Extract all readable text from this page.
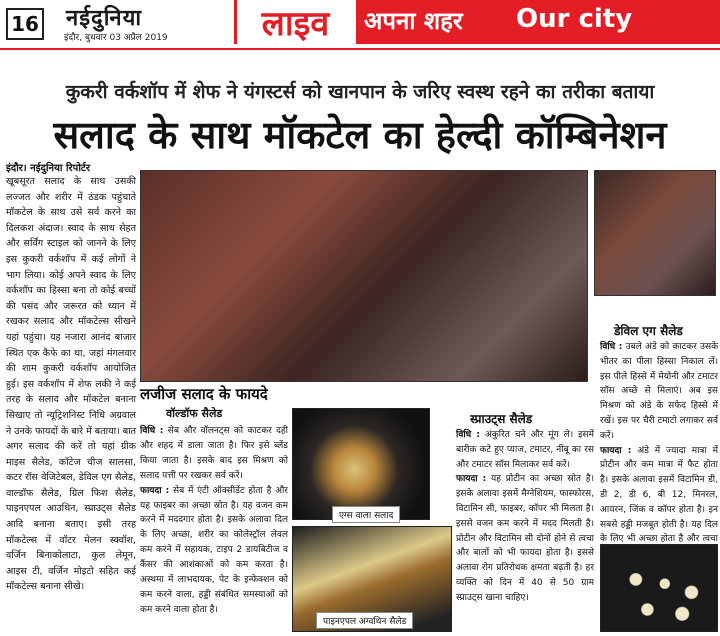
16 नईदुनिया
इंदौर, बुधवार 03 अप्रैल 2019	लाइव	अपना शहर Our city
कुकरी वर्कशॉप में शेफ ने यंगस्टर्स को खानपान के जरिए स्वस्थ रहने का तरीका बताया
सलाद के साथ मॉकटेल का हेल्दी कॉम्बिनेशन
इंदौर। नईदुनिया रिपोर्टर
खूबसूरत सलाद के साथ उसकी लज्जत और शरीर में ठंडक पहुंचाते मॉकटेल के साथ उसे सर्व करने का दिलकश अंदाज। स्वाद के साथ सेहत और सर्विंग स्टाइल को जानने के लिए इस कुकरी वर्कशॉप में कई लोगों ने भाग लिया। कोई अपने स्वाद के लिए वर्कशॉप का हिस्सा बना तो कोई बच्चों की पसंद और जरूरत को ध्यान में रखकर सलाद और मॉकटेल्स सीखने यहां पहुंचा। यह नजारा आनंद बाजार स्थित एक कैफे का था, जहां मंगलवार की शाम कुकरी वर्कशॉप आयोजित हुई। इस वर्कशॉप में शेफ लकी ने कई तरह के सलाद और मॉकटेल बनाना सिखाए तो न्यूट्रिशनिस्ट निधि अग्रवाल ने उनके फायदों के बारे में बताया। बात अगर सलाद की करें तो यहां ग्रीक माइस सैलेड, कॉटेज चीज सालसा, कटर रॉस वेजिटेबल, डेविल एग सैलेड, वाल्डॉफ सैलेड, ग्रिल फिश सैलेड, पाइनएपल आउथिन, स्प्राउट्स सैलेड आदि बनाना बताए। इसी तरह मॉकटेल्स में वॉटर मेलन स्क्वॉश, वर्जिन बिनाकोलाटा, कुल लेमून, आइस टी, वर्जिन मोइटो सहित कई मॉकटेल्स बनाना सीखे।
लजीज सलाद के फायदे
वॉल्डॉफ सैलेड
विधि : सेब और वॉलनट्स को काटकर दही और शहद में डाला जाता है। फिर इसे ब्लेंड किया जाता है। इसके बाद इस मिश्रण को सलाद पत्ती पर रखकर सर्व करें।
फायदा : सेब में एंटी ऑक्सीडेंट होता है और यह फाइबर का अच्छा स्रोत है। यह वजन कम करने में मददगार होता है। इसके अलावा दिल के लिए अच्छा, शरीर का कोलेस्ट्रॉल लेवल कम करने में सहायक, टाइप 2 डायबिटीज व कैंसर की आशंकाओं को कम करता है। अस्थमा में लाभदायक, पेट के इन्फेक्शन को कम करने वाला, हड्डी संबंधित समस्याओं को कम करने वाला होता है।
एग्स वाला सलाद
पाइनएपल अग्वथिन सैलेड
स्प्राउट्स सैलेड
विधि : अंकुरित चने और मूंग ले। इसमें बारीक कटे हुए प्याज, टमाटर, नींबू का रस और टमाटर सॉस मिलाकर सर्व करें।
फायदा : यह प्रोटीन का अच्छा स्रोत है। इसके अलावा इसमें मैग्नेशियम, फास्फोरस, विटामिन सी, फाइबर, कॉपर भी मिलता है। इससे वजन कम करने में मदद मिलती है। प्रोटीन और विटामिन सी दोनों होने से त्वचा और बालों को भी फायदा होता है। इससे अलावा रोग प्रतिरोधक क्षमता बढ़ती है। हर व्यक्ति को दिन में 40 से 50 ग्राम स्प्राउट्स खाना चाहिए।
डेविल एग सैलेड
विधि : उबले अंडे को काटकर उसके भीतर का पीला हिस्सा निकाल लें। इस पीले हिस्से में मेयोनी और टमाटर सॉस अच्छे से मिलाएं। अब इस मिश्रण को अंडे के सफेद हिस्से में रखें। इस पर चैरी टमाटो लगाकर सर्व करें।
फायदा : अंडे में ज्यादा मात्रा में प्रोटीन और कम मात्रा में फैट होता है। इसके अलावा इसमें विटामिन डी, डी 2, डी 6, बी 12, मिनरल, आयरन, जिंक व कॉपर होता है। इन सबसे हड्डी मजबूत होती है। यह दिल के लिए भी अच्छा होता है और त्वचा
